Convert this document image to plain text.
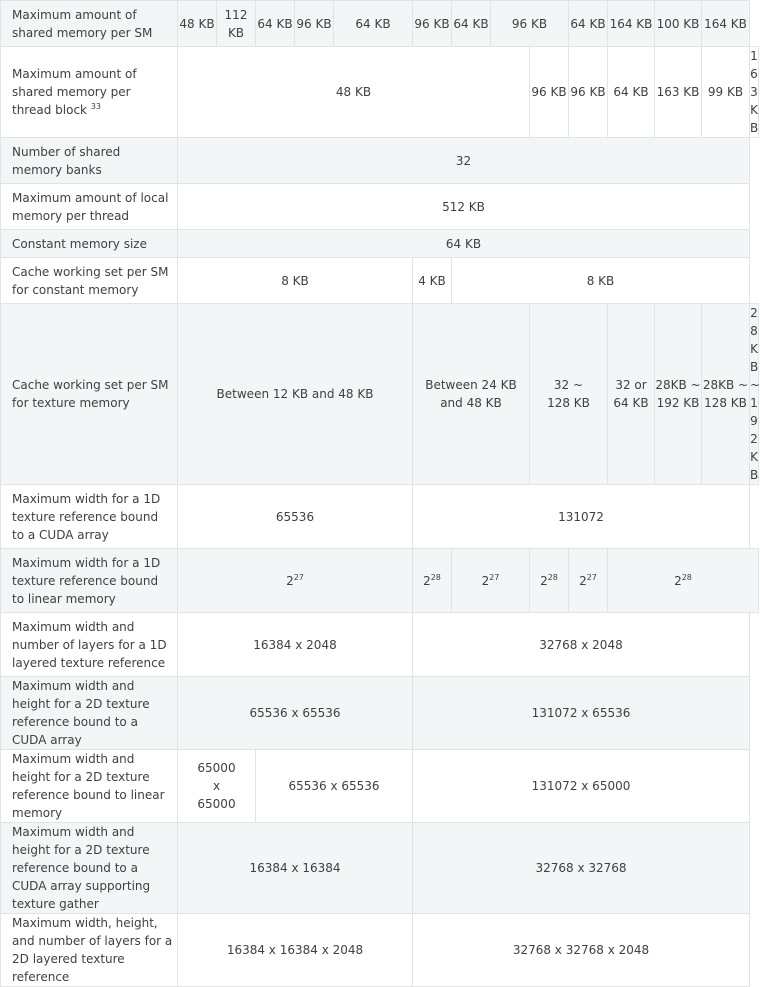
Maximum amount of shared memory per SM	48 KB	112 KB	64 KB	96 KB	64 KB	96 KB	64 KB	96 KB		64 KB	164 KB	100 KB	164 KB	
Maximum amount of shared memory per thread block $^{33}$	48 KB								96 KB	96 KB	64 KB	163 KB	99 KB	163 KB
Number of shared memory banks	32													
Maximum amount of local memory per thread	512 KB													
Constant memory size	64 KB													
Cache working set per SM for constant memory	8 KB					4 KB	8 KB							
Cache working set per SM for texture memory	Between 12 KB and 48 KB					Between 24 KB and 48 KB			32 ~ 128 KB		32 or 64 KB	28KB ~ 192 KB	28KB ~ 128 KB	28KB ~ 192 KB
Maximum width for a 1D texture reference bound to a CUDA array	65536					131072								
Maximum width for a 1D texture reference bound to linear memory	$2^{27}$					$2^{28}$	$2^{27}$		$2^{28}$	$2^{27}$	$2^{28}$
Maximum width and number of layers for a 1D layered texture reference	16384 x 2048					32768 x 2048								
Maximum width and height for a 2D texture reference bound to a CUDA array	65536 x 65536					131072 x 65536								
Maximum width and height for a 2D texture reference bound to linear memory	65000 x 65000		65536 x 65536			131072 x 65000								
Maximum width and height for a 2D texture reference bound to a CUDA array supporting texture gather	16384 x 16384					32768 x 32768								
Maximum width, height, and number of layers for a 2D layered texture reference	16384 x 16384 x 2048					32768 x 32768 x 2048								
